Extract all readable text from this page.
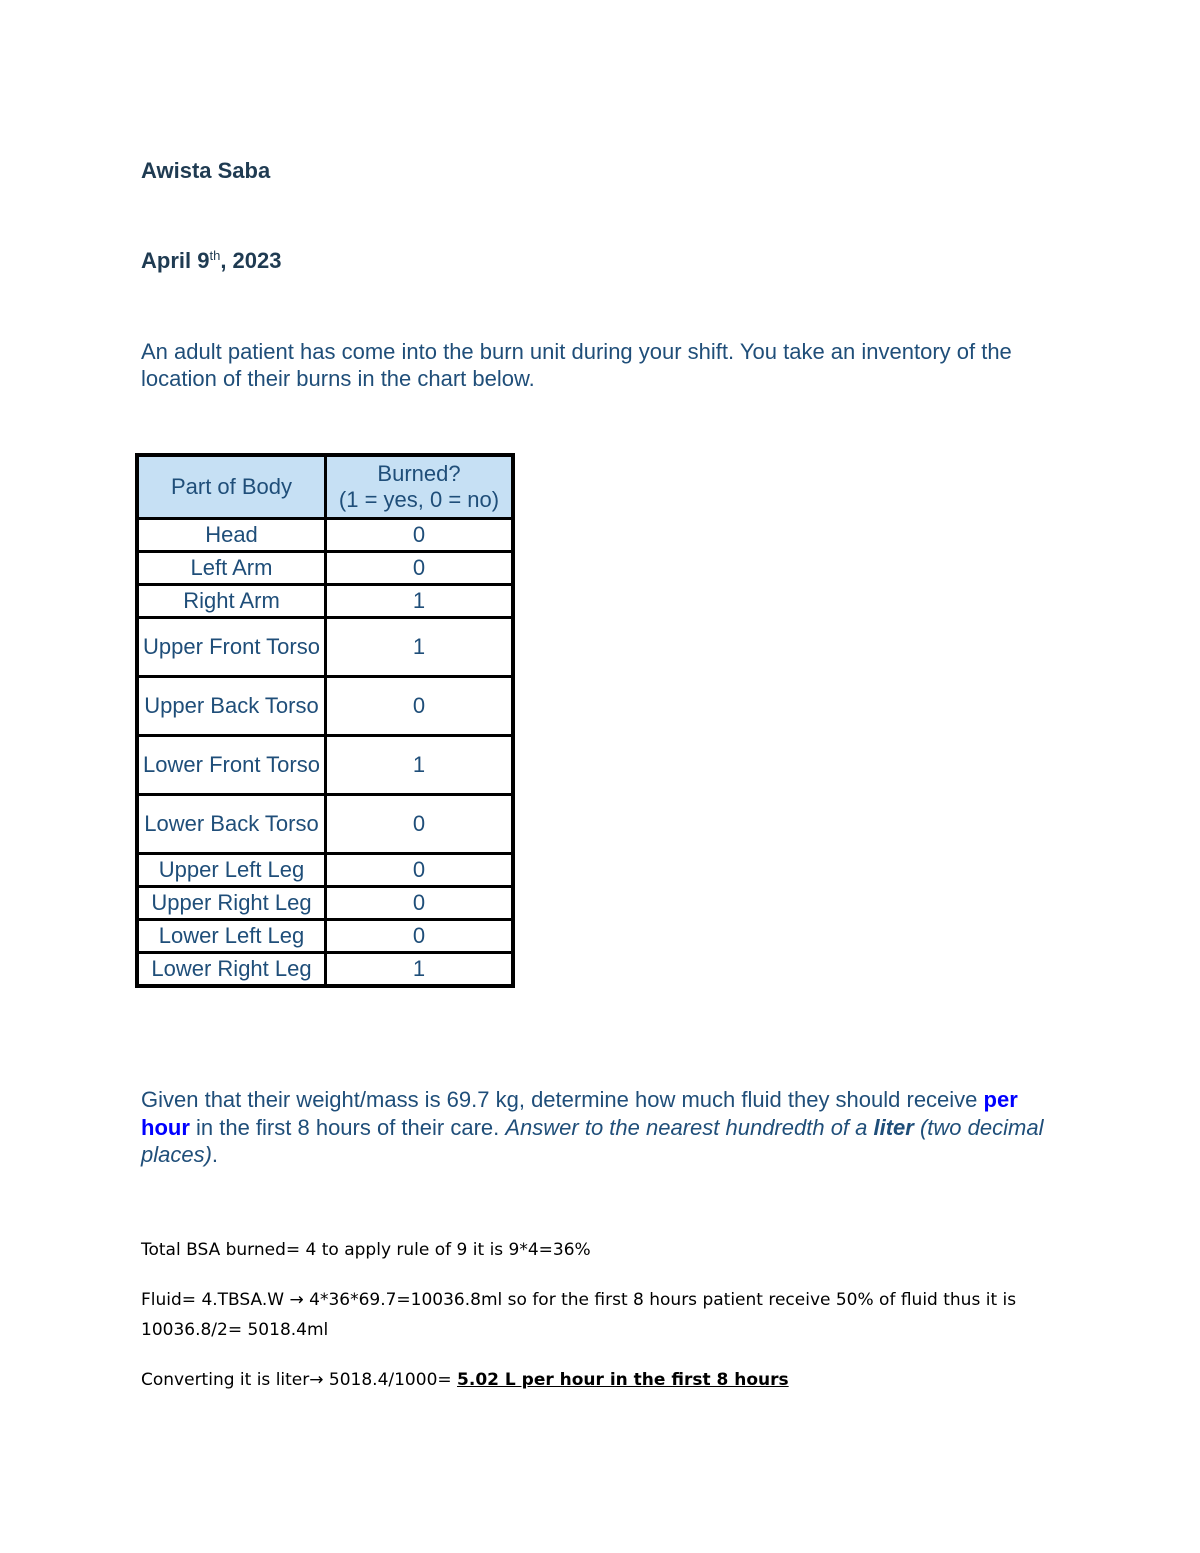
Awista Saba
April 9th, 2023
An adult patient has come into the burn unit during your shift. You take an inventory of the location of their burns in the chart below.
Part of Body	Burned?
(1 = yes, 0 = no)
Head	0
Left Arm	0
Right Arm	1
Upper Front Torso	1
Upper Back Torso	0
Lower Front Torso	1
Lower Back Torso	0
Upper Left Leg	0
Upper Right Leg	0
Lower Left Leg	0
Lower Right Leg	1
Given that their weight/mass is 69.7 kg, determine how much fluid they should receive per hour in the first 8 hours of their care. Answer to the nearest hundredth of a liter (two decimal places).
Total BSA burned= 4 to apply rule of 9 it is 9*4=36%
Fluid= 4.TBSA.W → 4*36*69.7=10036.8ml so for the first 8 hours patient receive 50% of fluid thus it is 10036.8/2= 5018.4ml
Converting it is liter→ 5018.4/1000= 5.02 L per hour in the first 8 hours
